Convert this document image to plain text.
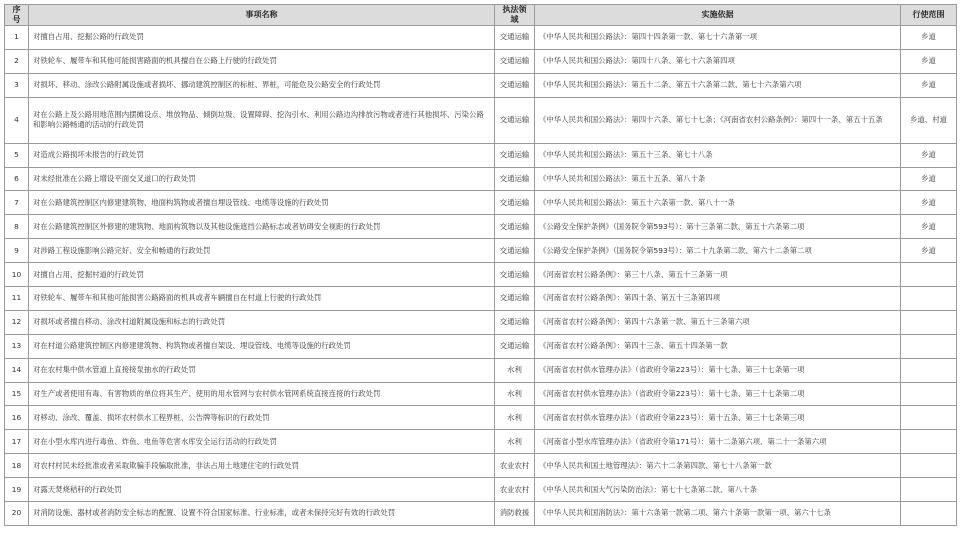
序号	事项名称	执法领域	实施依据	行使范围
1	对擅自占用、挖掘公路的行政处罚	交通运输	《中华人民共和国公路法》：第四十四条第一款、第七十六条第一项	乡道
2	对铁轮车、履带车和其他可能损害路面的机具擅自在公路上行驶的行政处罚	交通运输	《中华人民共和国公路法》：第四十八条、第七十六条第四项	乡道
3	对损坏、移动、涂改公路附属设施或者损坏、挪动建筑控制区的标桩、界桩，可能危及公路安全的行政处罚	交通运输	《中华人民共和国公路法》：第五十二条、第五十六条第二款、第七十六条第六项	乡道
4	对在公路上及公路用地范围内摆摊设点、堆放物品、倾倒垃圾、设置障碍、挖沟引水、利用公路边沟排放污物或者进行其他损坏、污染公路和影响公路畅通的活动的行政处罚	交通运输	《中华人民共和国公路法》：第四十六条、第七十七条；《河南省农村公路条例》：第四十一条、第五十五条	乡道、村道
5	对造成公路损坏未报告的行政处罚	交通运输	《中华人民共和国公路法》：第五十三条、第七十八条	乡道
6	对未经批准在公路上增设平面交叉道口的行政处罚	交通运输	《中华人民共和国公路法》：第五十五条、第八十条	乡道
7	对在公路建筑控制区内修建建筑物、地面构筑物或者擅自埋设管线、电缆等设施的行政处罚	交通运输	《中华人民共和国公路法》：第五十六条第一款、第八十一条	乡道
8	对在公路建筑控制区外修建的建筑物、地面构筑物以及其他设施遮挡公路标志或者妨碍安全视距的行政处罚	交通运输	《公路安全保护条例》（国务院令第593号）：第十三条第二款、第五十六条第二项	乡道
9	对涉路工程设施影响公路完好、安全和畅通的行政处罚	交通运输	《公路安全保护条例》（国务院令第593号）：第二十九条第二款、第六十二条第二项	乡道
10	对擅自占用、挖掘村道的行政处罚	交通运输	《河南省农村公路条例》：第三十八条、第五十三条第一项	
11	对铁轮车、履带车和其他可能损害公路路面的机具或者车辆擅自在村道上行驶的行政处罚	交通运输	《河南省农村公路条例》：第四十条、第五十三条第四项	
12	对损坏或者擅自移动、涂改村道附属设施和标志的行政处罚	交通运输	《河南省农村公路条例》：第四十六条第一款、第五十三条第六项	
13	对在村道公路建筑控制区内修建建筑物、构筑物或者擅自架设、埋设管线、电缆等设施的行政处罚	交通运输	《河南省农村公路条例》：第四十三条、第五十四条第一款	
14	对在农村集中供水管道上直接接泵抽水的行政处罚	水利	《河南省农村供水管理办法》（省政府令第223号）：第十七条、第三十七条第一项	
15	对生产或者使用有毒、有害物质的单位将其生产、使用的用水管网与农村供水管网系统直接连接的行政处罚	水利	《河南省农村供水管理办法》（省政府令第223号）：第十七条、第三十七条第二项	
16	对移动、涂改、覆盖、损坏农村供水工程界桩、公告牌等标识的行政处罚	水利	《河南省农村供水管理办法》（省政府令第223号）：第十五条、第三十七条第三项	
17	对在小型水库内进行毒鱼、炸鱼、电鱼等危害水库安全运行活动的行政处罚	水利	《河南省小型水库管理办法》（省政府令第171号）：第十二条第六项、第二十一条第六项	
18	对农村村民未经批准或者采取欺骗手段骗取批准，非法占用土地建住宅的行政处罚	农业农村	《中华人民共和国土地管理法》：第六十二条第四款、第七十八条第一款	
19	对露天焚烧秸秆的行政处罚	农业农村	《中华人民共和国大气污染防治法》：第七十七条第二款、第八十条	
20	对消防设施、器材或者消防安全标志的配置、设置不符合国家标准、行业标准，或者未保持完好有效的行政处罚	消防救援	《中华人民共和国消防法》：第十六条第一款第二项、第六十条第一款第一项、第六十七条	
